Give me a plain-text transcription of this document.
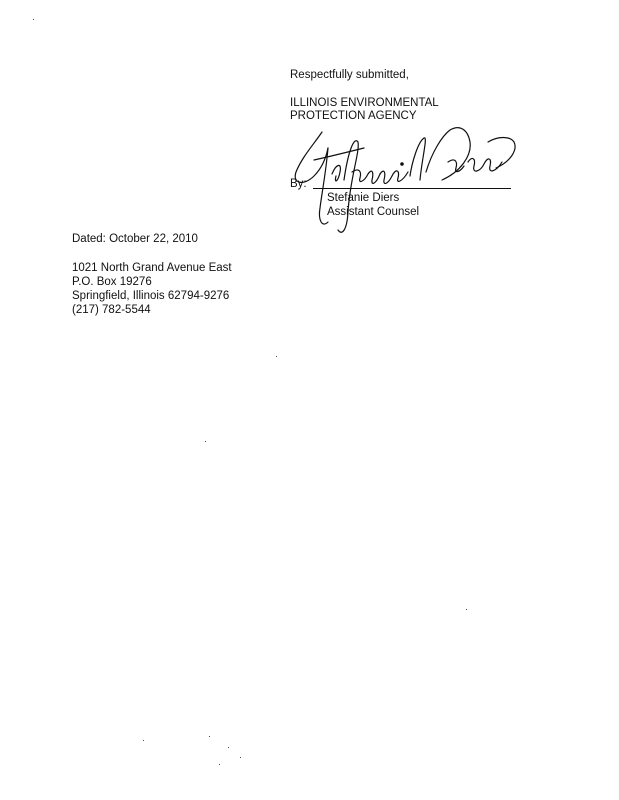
Respectfully submitted,
ILLINOIS ENVIRONMENTAL
PROTECTION AGENCY
By:
Stefanie Diers
Assistant Counsel
Dated: October 22, 2010
1021 North Grand Avenue East
P.O. Box 19276
Springfield, Illinois 62794-9276
(217) 782-5544
